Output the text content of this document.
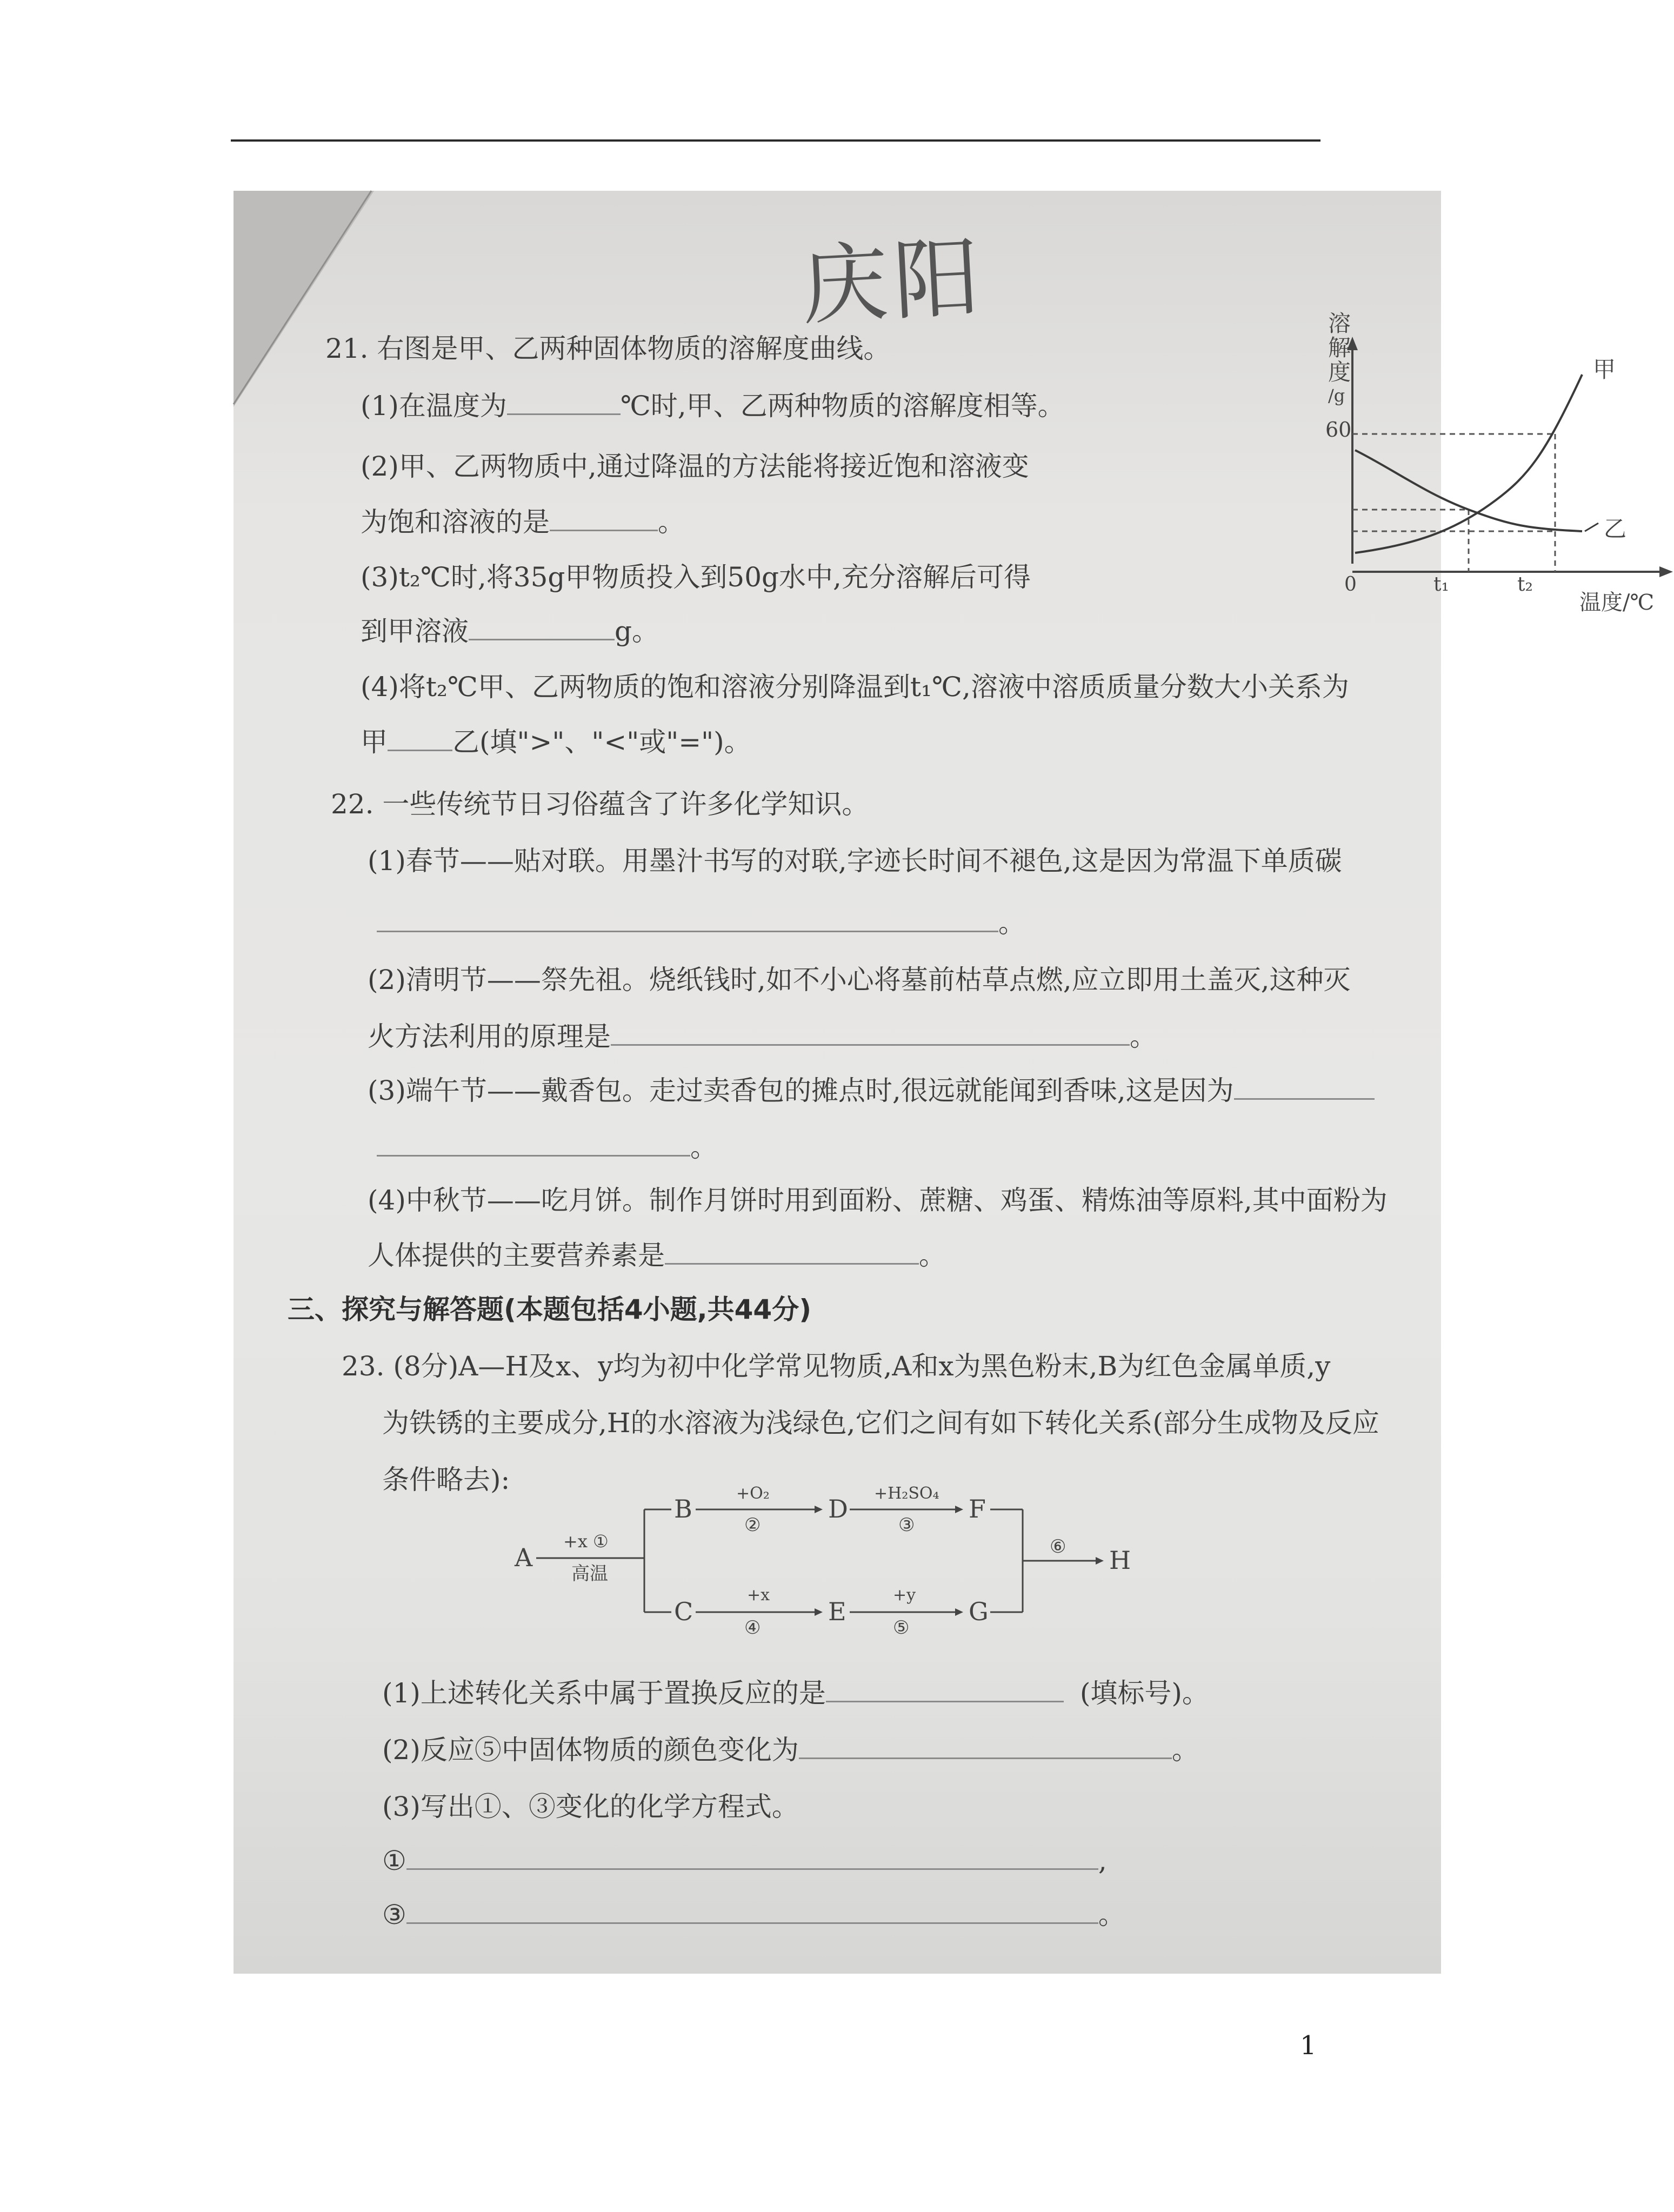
庆阳
21. 右图是甲、乙两种固体物质的溶解度曲线。
(1)在温度为	℃时,甲、乙两种物质的溶解度相等。
(2)甲、乙两物质中,通过降温的方法能将接近饱和溶液变
为饱和溶液的是	。
(3)t₂℃时,将35g甲物质投入到50g水中,充分溶解后可得
到甲溶液	g。
(4)将t₂℃甲、乙两物质的饱和溶液分别降温到t₁℃,溶液中溶质质量分数大小关系为
甲 乙(填">"、"<"或"=")。
溶
解
度
/g
60
0	t₁	t₂
甲
乙
温度/℃
22. 一些传统节日习俗蕴含了许多化学知识。
(1)春节——贴对联。用墨汁书写的对联,字迹长时间不褪色,这是因为常温下单质碳
。
(2)清明节——祭先祖。烧纸钱时,如不小心将墓前枯草点燃,应立即用土盖灭,这种灭
火方法利用的原理是	。
(3)端午节——戴香包。走过卖香包的摊点时,很远就能闻到香味,这是因为
。
(4)中秋节——吃月饼。制作月饼时用到面粉、蔗糖、鸡蛋、精炼油等原料,其中面粉为
人体提供的主要营养素是	。
三、探究与解答题(本题包括4小题,共44分)
23. (8分)A—H及x、y均为初中化学常见物质,A和x为黑色粉末,B为红色金属单质,y
为铁锈的主要成分,H的水溶液为浅绿色,它们之间有如下转化关系(部分生成物及反应
条件略去):
A
+x ①
高温
B
C
+O₂
②
D
+H₂SO₄
③
F
+x
④
E
+y
⑤
G
⑥ H
(1)上述转化关系中属于置换反应的是	(填标号)。
(2)反应⑤中固体物质的颜色变化为	。
(3)写出①、③变化的化学方程式。
①	,
③	。
1
